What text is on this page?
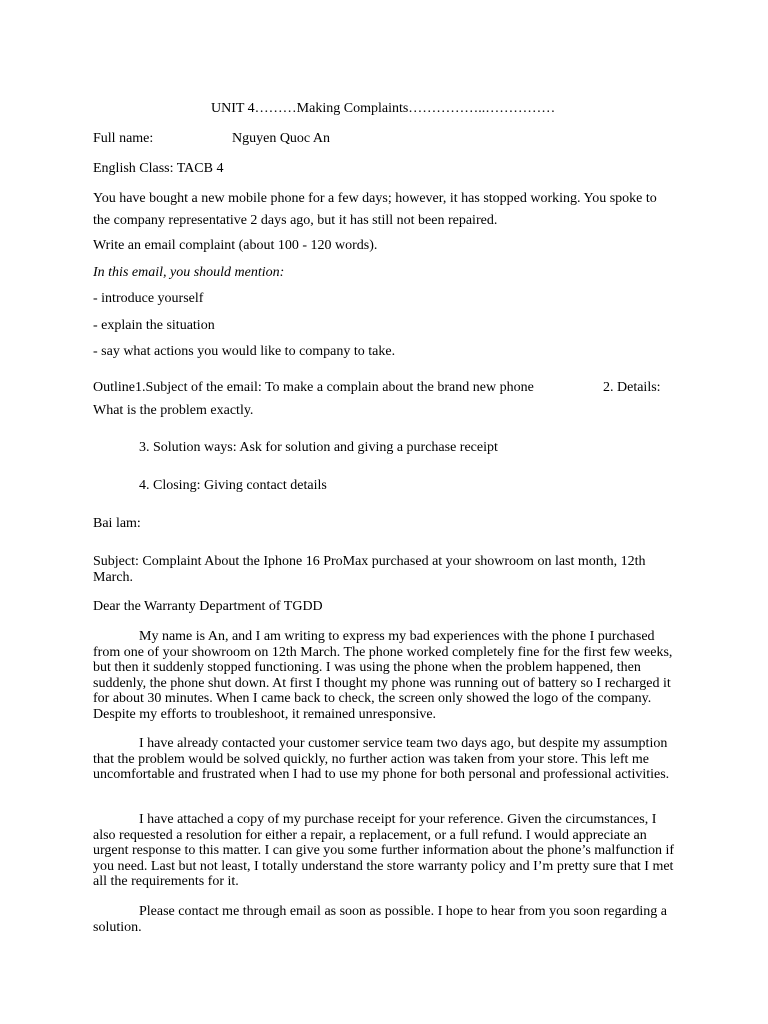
UNIT 4………Making Complaints……………..……………

Full name:	Nguyen Quoc An

English Class: TACB 4

You have bought a new mobile phone for a few days; however, it has stopped working. You spoke to the company representative 2 days ago, but it has still not been repaired.

Write an email complaint (about 100 - 120 words).

In this email, you should mention:

- introduce yourself

- explain the situation

- say what actions you would like to company to take.

Outline1.Subject of the email: To make a complain about the brand new phone	2. Details:

What is the problem exactly.

3. Solution ways: Ask for solution and giving a purchase receipt

4. Closing: Giving contact details

Bai lam:

Subject: Complaint About the Iphone 16 ProMax purchased at your showroom on last month, 12th March.

Dear the Warranty Department of TGDD

My name is An, and I am writing to express my bad experiences with the phone I purchased from one of your showroom on 12th March. The phone worked completely fine for the first few weeks, but then it suddenly stopped functioning. I was using the phone when the problem happened, then suddenly, the phone shut down. At first I thought my phone was running out of battery so I recharged it for about 30 minutes. When I came back to check, the screen only showed the logo of the company. Despite my efforts to troubleshoot, it remained unresponsive.

I have already contacted your customer service team two days ago, but despite my assumption that the problem would be solved quickly, no further action was taken from your store. This left me uncomfortable and frustrated when I had to use my phone for both personal and professional activities.

I have attached a copy of my purchase receipt for your reference. Given the circumstances, I also requested a resolution for either a repair, a replacement, or a full refund. I would appreciate an urgent response to this matter. I can give you some further information about the phone’s malfunction if you need. Last but not least, I totally understand the store warranty policy and I’m pretty sure that I met all the requirements for it.

Please contact me through email as soon as possible. I hope to hear from you soon regarding a solution.
